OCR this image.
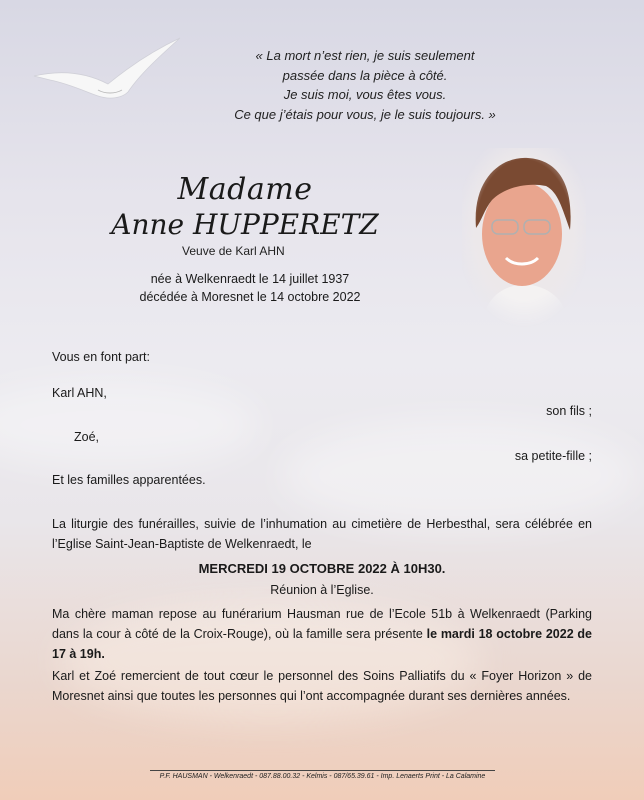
« La mort n’est rien, je suis seulement
passée dans la pièce à côté.
Je suis moi, vous êtes vous.
Ce que j’étais pour vous, je le suis toujours. »
Madame
Anne HUPPERETZ
Veuve de Karl AHN
née à Welkenraedt le 14 juillet 1937
décédée à Moresnet le 14 octobre 2022
Vous en font part:
Karl AHN,
son fils ;
Zoé,
sa petite-fille ;
Et les familles apparentées.
La liturgie des funérailles, suivie de l’inhumation au cimetière de Herbesthal, sera célébrée en l’Eglise Saint-Jean-Baptiste de Welkenraedt, le
MERCREDI 19 OCTOBRE 2022 À 10H30.
Réunion à l’Eglise.
Ma chère maman repose au funérarium Hausman rue de l’Ecole 51b à Welkenraedt (Parking dans la cour à côté de la Croix-Rouge), où la famille sera présente le mardi 18 octobre 2022 de 17 à 19h.
Karl et Zoé remercient de tout cœur le personnel des Soins Palliatifs du « Foyer Horizon » de Moresnet ainsi que toutes les personnes qui l’ont accompagnée durant ses dernières années.
P.F. HAUSMAN - Welkenraedt - 087.88.00.32 - Kelmis - 087/65.39.61 - Imp. Lenaerts Print - La Calamine
